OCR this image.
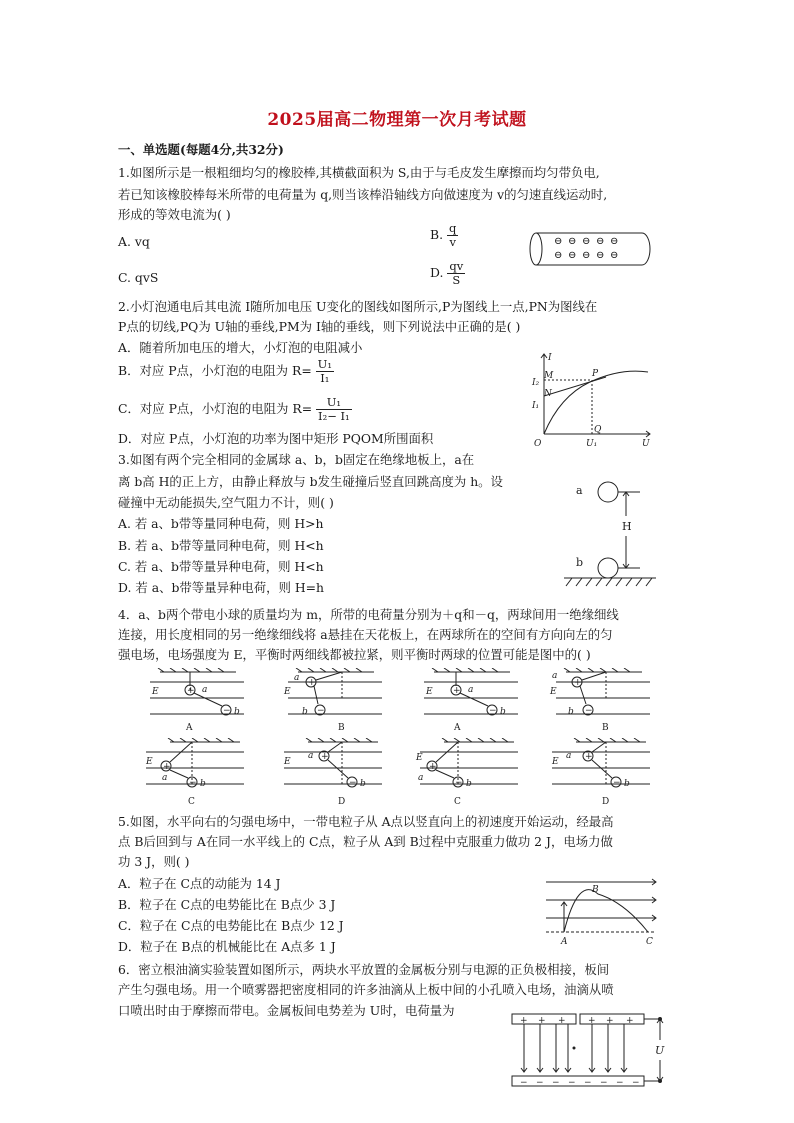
2025届高二物理第一次月考试题
一、单选题(每题4分,共32分)
1.如图所示是一根粗细均匀的橡胶棒,其横截面积为 S,由于与毛皮发生摩擦而均匀带负电,
若已知该橡胶棒每米所带的电荷量为 q,则当该棒沿轴线方向做速度为 v的匀速直线运动时,
形成的等效电流为( )
A. vq	B. $\frac{q}{v}$
C. qvS	D. $\frac{qv}{S}$
⊖ ⊖ ⊖ ⊖ ⊖
⊖ ⊖ ⊖ ⊖ ⊖
2.小灯泡通电后其电流 I随所加电压 U变化的图线如图所示,P为图线上一点,PN为图线在
P点的切线,PQ为 U轴的垂线,PM为 I轴的垂线，则下列说法中正确的是( )
A．随着所加电压的增大，小灯泡的电阻减小
B．对应 P点，小灯泡的电阻为 $R= \frac{\text{U₁}}{\text{I₁}}$
C．对应 P点，小灯泡的电阻为 $R= \frac{\text{U₁}}{\text{I₂− I₁}}$
D．对应 P点，小灯泡的功率为图中矩形 PQOM所围面积
I
U
O
P
M
N
Q
I₂
I₁
U₁
3.如图有两个完全相同的金属球 a、b，b固定在绝缘地板上，a在
离 b高 H的正上方，由静止释放与 b发生碰撞后竖直回跳高度为 h。设
碰撞中无动能损失,空气阻力不计，则( )
A. 若 a、b带等量同种电荷，则 H>h
B. 若 a、b带等量同种电荷，则 H<h
C. 若 a、b带等量异种电荷，则 H<h
D. 若 a、b带等量异种电荷，则 H=h
a
b
H
4．a、b两个带电小球的质量均为 m，所带的电荷量分别为＋q和－q，两球间用一绝缘细线
连接，用长度相同的另一绝缘细线将 a悬挂在天花板上，在两球所在的空间有方向向左的匀
强电场，电场强度为 E，平衡时两细线都被拉紧，则平衡时两球的位置可能是图中的( )
E	+ a
− b
A
E
+
a
−
b
B
E + a
− b
A
E
+
a
−
b
B
E +
a − b
C
E	+
a
− b
D
E
+
a	− b
C
E	+
a
− b
D
5.如图，水平向右的匀强电场中，一带电粒子从 A点以竖直向上的初速度开始运动，经最高
点 B后回到与 A在同一水平线上的 C点，粒子从 A到 B过程中克服重力做功 2 J，电场力做
功 3 J，则( )
A．粒子在 C点的动能为 14 J
B．粒子在 C点的电势能比在 B点少 3 J
C．粒子在 C点的电势能比在 B点少 12 J
D．粒子在 B点的机械能比在 A点多 1 J	A
B
C
6．密立根油滴实验装置如图所示，两块水平放置的金属板分别与电源的正负极相接，板间
产生匀强电场。用一个喷雾器把密度相同的许多油滴从上板中间的小孔喷入电场，油滴从喷
口喷出时由于摩擦而带电。金属板间电势差为 U时，电荷量为
+ + + + + +
− − − − − − − −
U
